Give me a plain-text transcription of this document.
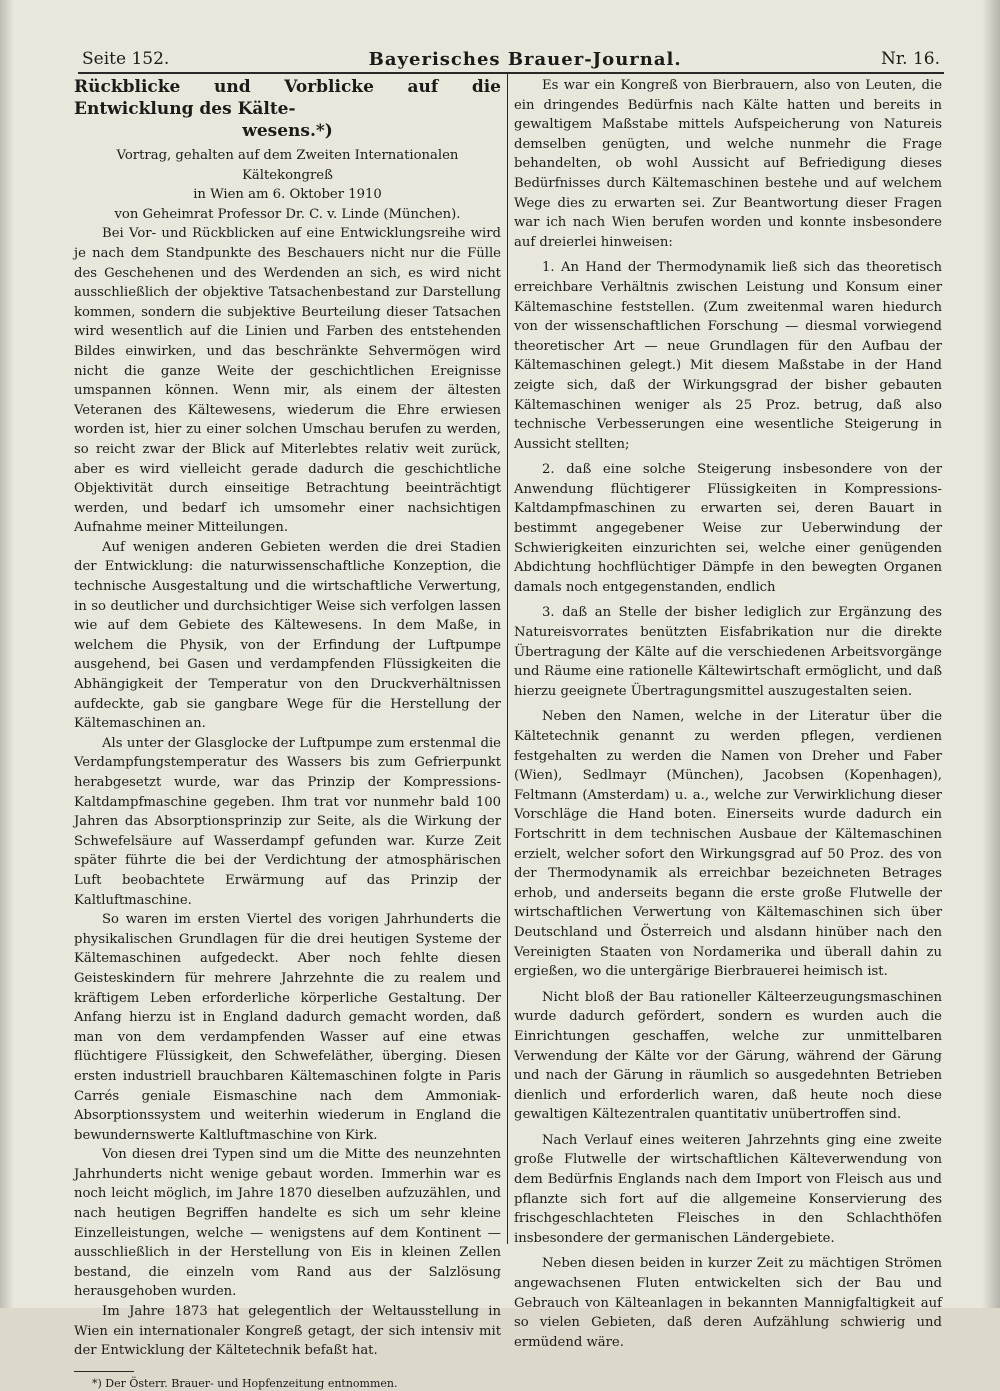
Seite 152.	Bayerisches Brauer-Journal.	Nr. 16.
Rückblicke und Vorblicke auf die Entwicklung des Kälte-
wesens.*)

Vortrag, gehalten auf dem Zweiten Internationalen Kältekongreß

in Wien am 6. Oktober 1910

von Geheimrat Professor Dr. C. v. Linde (München).

Bei Vor- und Rückblicken auf eine Entwicklungsreihe wird je nach dem Standpunkte des Beschauers nicht nur die Fülle des Geschehenen und des Werdenden an sich, es wird nicht ausschließlich der objektive Tatsachenbestand zur Darstellung kommen, sondern die subjektive Beurteilung dieser Tatsachen wird wesentlich auf die Linien und Farben des entstehenden Bildes einwirken, und das beschränkte Sehvermögen wird nicht die ganze Weite der geschichtlichen Ereignisse umspannen können. Wenn mir, als einem der ältesten Veteranen des Kältewesens, wiederum die Ehre erwiesen worden ist, hier zu einer solchen Umschau berufen zu werden, so reicht zwar der Blick auf Miterlebtes relativ weit zurück, aber es wird vielleicht gerade dadurch die geschichtliche Objektivität durch einseitige Betrachtung beeinträchtigt werden, und bedarf ich umsomehr einer nachsichtigen Aufnahme meiner Mitteilungen.

Auf wenigen anderen Gebieten werden die drei Stadien der Entwicklung: die naturwissenschaftliche Konzeption, die technische Ausgestaltung und die wirtschaftliche Verwertung, in so deutlicher und durchsichtiger Weise sich verfolgen lassen wie auf dem Gebiete des Kältewesens. In dem Maße, in welchem die Physik, von der Erfindung der Luftpumpe ausgehend, bei Gasen und verdampfenden Flüssigkeiten die Abhängigkeit der Temperatur von den Druckverhältnissen aufdeckte, gab sie gangbare Wege für die Herstellung der Kältemaschinen an.

Als unter der Glasglocke der Luftpumpe zum erstenmal die Verdampfungstemperatur des Wassers bis zum Gefrierpunkt herabgesetzt wurde, war das Prinzip der Kompressions-Kaltdampfmaschine gegeben. Ihm trat vor nunmehr bald 100 Jahren das Absorptionsprinzip zur Seite, als die Wirkung der Schwefelsäure auf Wasserdampf gefunden war. Kurze Zeit später führte die bei der Verdichtung der atmosphärischen Luft beobachtete Erwärmung auf das Prinzip der Kaltluftmaschine.

So waren im ersten Viertel des vorigen Jahrhunderts die physikalischen Grundlagen für die drei heutigen Systeme der Kältemaschinen aufgedeckt. Aber noch fehlte diesen Geisteskindern für mehrere Jahrzehnte die zu realem und kräftigem Leben erforderliche körperliche Gestaltung. Der Anfang hierzu ist in England dadurch gemacht worden, daß man von dem verdampfenden Wasser auf eine etwas flüchtigere Flüssigkeit, den Schwefeläther, überging. Diesen ersten industriell brauchbaren Kältemaschinen folgte in Paris Carrés geniale Eismaschine nach dem Ammoniak-Absorptionssystem und weiterhin wiederum in England die bewundernswerte Kaltluftmaschine von Kirk.

Von diesen drei Typen sind um die Mitte des neunzehnten Jahrhunderts nicht wenige gebaut worden. Immerhin war es noch leicht möglich, im Jahre 1870 dieselben aufzuzählen, und nach heutigen Begriffen handelte es sich um sehr kleine Einzelleistungen, welche — wenigstens auf dem Kontinent — ausschließlich in der Herstellung von Eis in kleinen Zellen bestand, die einzeln vom Rand aus der Salzlösung herausgehoben wurden.

Im Jahre 1873 hat gelegentlich der Weltausstellung in Wien ein internationaler Kongreß getagt, der sich intensiv mit der Entwicklung der Kältetechnik befaßt hat.

*) Der Österr. Brauer- und Hopfenzeitung entnommen.

Es war ein Kongreß von Bierbrauern, also von Leuten, die ein dringendes Bedürfnis nach Kälte hatten und bereits in gewaltigem Maßstabe mittels Aufspeicherung von Natureis demselben genügten, und welche nunmehr die Frage behandelten, ob wohl Aussicht auf Befriedigung dieses Bedürfnisses durch Kältemaschinen bestehe und auf welchem Wege dies zu erwarten sei. Zur Beantwortung dieser Fragen war ich nach Wien berufen worden und konnte insbesondere auf dreierlei hinweisen:

1. An Hand der Thermodynamik ließ sich das theoretisch erreichbare Verhältnis zwischen Leistung und Konsum einer Kältemaschine feststellen. (Zum zweitenmal waren hiedurch von der wissenschaftlichen Forschung — diesmal vorwiegend theoretischer Art — neue Grundlagen für den Aufbau der Kältemaschinen gelegt.) Mit diesem Maßstabe in der Hand zeigte sich, daß der Wirkungsgrad der bisher gebauten Kältemaschinen weniger als 25 Proz. betrug, daß also technische Verbesserungen eine wesentliche Steigerung in Aussicht stellten;

2. daß eine solche Steigerung insbesondere von der Anwendung flüchtigerer Flüssigkeiten in Kompressions-Kaltdampfmaschinen zu erwarten sei, deren Bauart in bestimmt angegebener Weise zur Ueberwindung der Schwierigkeiten einzurichten sei, welche einer genügenden Abdichtung hochflüchtiger Dämpfe in den bewegten Organen damals noch entgegenstanden, endlich

3. daß an Stelle der bisher lediglich zur Ergänzung des Natureisvorrates benützten Eisfabrikation nur die direkte Übertragung der Kälte auf die verschiedenen Arbeitsvorgänge und Räume eine rationelle Kältewirtschaft ermöglicht, und daß hierzu geeignete Übertragungsmittel auszugestalten seien.

Neben den Namen, welche in der Literatur über die Kältetechnik genannt zu werden pflegen, verdienen festgehalten zu werden die Namen von Dreher und Faber (Wien), Sedlmayr (München), Jacobsen (Kopenhagen), Feltmann (Amsterdam) u. a., welche zur Verwirklichung dieser Vorschläge die Hand boten. Einerseits wurde dadurch ein Fortschritt in dem technischen Ausbaue der Kältemaschinen erzielt, welcher sofort den Wirkungsgrad auf 50 Proz. des von der Thermodynamik als erreichbar bezeichneten Betrages erhob, und anderseits begann die erste große Flutwelle der wirtschaftlichen Verwertung von Kältemaschinen sich über Deutschland und Österreich und alsdann hinüber nach den Vereinigten Staaten von Nordamerika und überall dahin zu ergießen, wo die untergärige Bierbrauerei heimisch ist.

Nicht bloß der Bau rationeller Kälteerzeugungsmaschinen wurde dadurch gefördert, sondern es wurden auch die Einrichtungen geschaffen, welche zur unmittelbaren Verwendung der Kälte vor der Gärung, während der Gärung und nach der Gärung in räumlich so ausgedehnten Betrieben dienlich und erforderlich waren, daß heute noch diese gewaltigen Kältezentralen quantitativ unübertroffen sind.

Nach Verlauf eines weiteren Jahrzehnts ging eine zweite große Flutwelle der wirtschaftlichen Kälteverwendung von dem Bedürfnis Englands nach dem Import von Fleisch aus und pflanzte sich fort auf die allgemeine Konservierung des frischgeschlachteten Fleisches in den Schlachthöfen insbesondere der germanischen Ländergebiete.

Neben diesen beiden in kurzer Zeit zu mächtigen Strömen angewachsenen Fluten entwickelten sich der Bau und Gebrauch von Kälteanlagen in bekannten Mannigfaltigkeit auf so vielen Gebieten, daß deren Aufzählung schwierig und ermüdend wäre.
